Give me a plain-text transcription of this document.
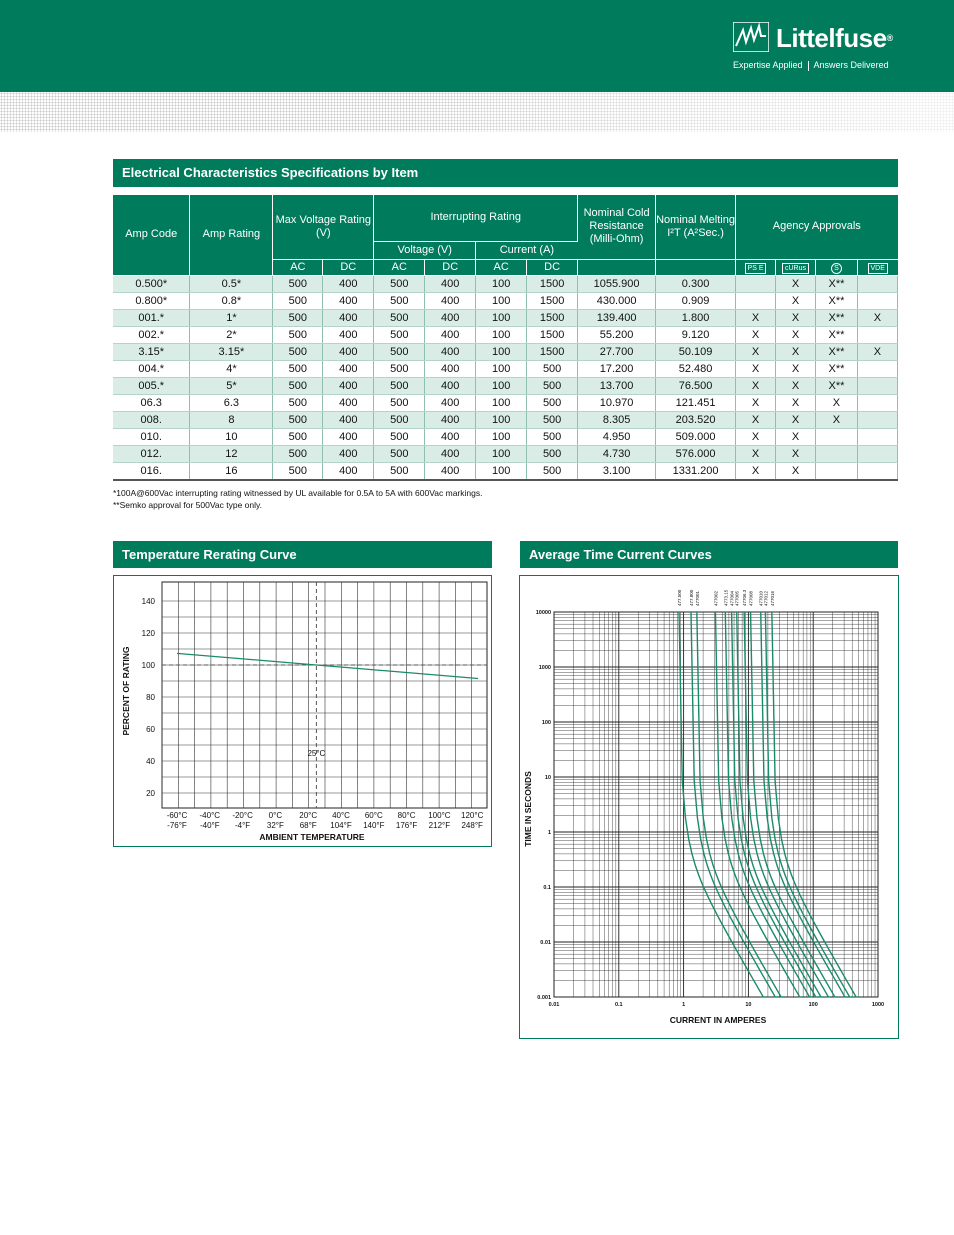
Littelfuse®
Expertise Applied Answers Delivered
Electrical Characteristics Specifications by Item
Amp Code	Amp Rating	Max Voltage Rating (V)		Interrupting Rating				Nominal Cold Resistance (Milli-Ohm)	Nominal Melting I²T (A²Sec.)	Agency Approvals			
				Voltage (V)		Current (A)							
		AC	DC	AC	DC	AC	DC			PS E	cURus	S	VDE
0.500*	0.5*	500	400	500	400	100	1500	1055.900	0.300		X	X**	
0.800*	0.8*	500	400	500	400	100	1500	430.000	0.909		X	X**	
001.*	1*	500	400	500	400	100	1500	139.400	1.800	X	X	X**	X
002.*	2*	500	400	500	400	100	1500	55.200	9.120	X	X	X**	
3.15*	3.15*	500	400	500	400	100	1500	27.700	50.109	X	X	X**	X
004.*	4*	500	400	500	400	100	500	17.200	52.480	X	X	X**	
005.*	5*	500	400	500	400	100	500	13.700	76.500	X	X	X**	
06.3	6.3	500	400	500	400	100	500	10.970	121.451	X	X	X	
008.	8	500	400	500	400	100	500	8.305	203.520	X	X	X	
010.	10	500	400	500	400	100	500	4.950	509.000	X	X		
012.	12	500	400	500	400	100	500	4.730	576.000	X	X		
016.	16	500	400	500	400	100	500	3.100	1331.200	X	X		
*100A@600Vac interrupting rating witnessed by UL available for 0.5A to 5A with 600Vac markings.
**Semko approval for 500Vac type only.
Temperature Rerating Curve
25°C
20
40
60
80
100
120
140
-60°C
-76°F
-40°C
-40°F
-20°C
-4°F
0°C
32°F
20°C
68°F
40°C
104°F
60°C
140°F
80°C
176°F
100°C
212°F
120°C
248°F
AMBIENT TEMPERATURE
PERCENT OF RATING
Average Time Current Curves
477.500 477.800 477001	477002 4773.15 477004 477005 47706.3 477008 477010 477012 477016
0.01	0.1	1	10	100	1000
10000
1000
100
10
1
0.1
0.01
0.001
CURRENT IN AMPERES
TIME IN SECONDS
